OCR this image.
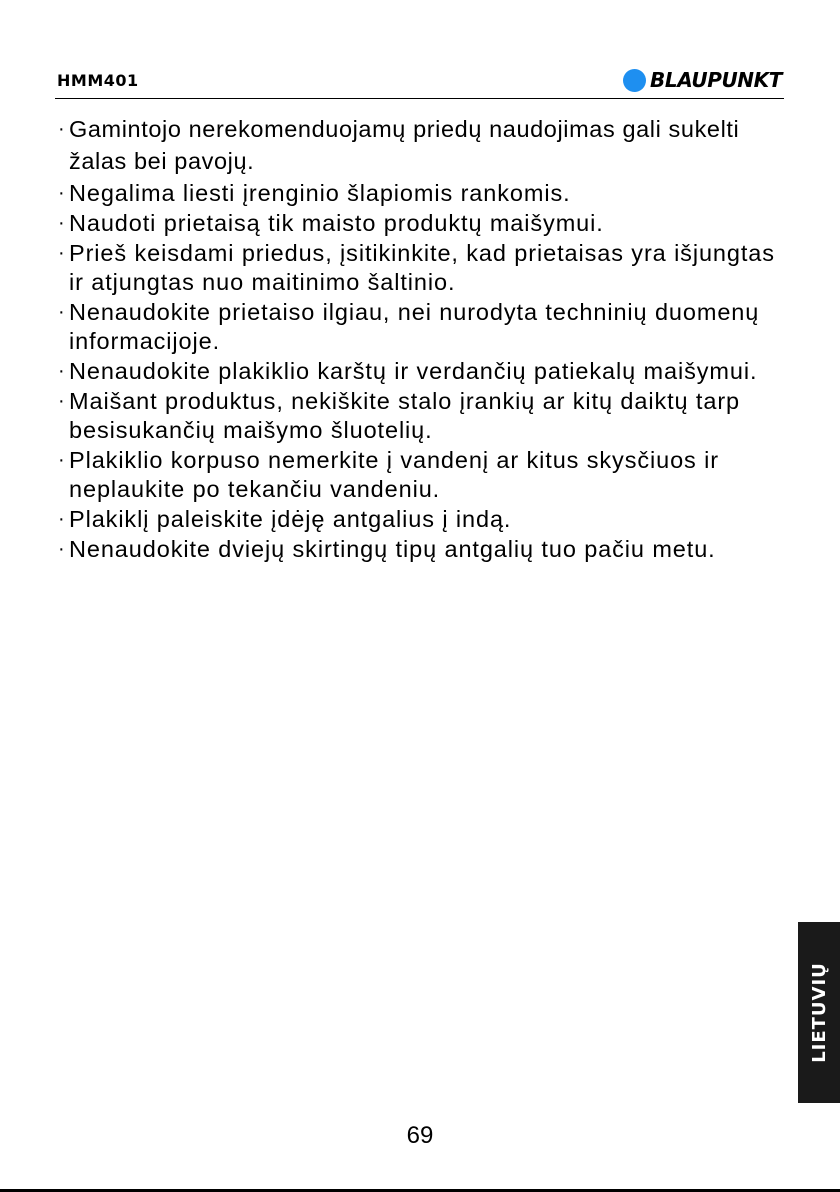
HMM401	BLAUPUNKT
· Gamintojo nerekomenduojamų priedų naudojimas gali sukelti žalas bei pavojų.
· Negalima liesti įrenginio šlapiomis rankomis.
· Naudoti prietaisą tik maisto produktų maišymui.
· Prieš keisdami priedus, įsitikinkite, kad prietaisas yra išjungtas ir atjungtas nuo maitinimo šaltinio.
· Nenaudokite prietaiso ilgiau, nei nurodyta techninių duomenų informacijoje.
· Nenaudokite plakiklio karštų ir verdančių patiekalų maišymui.
· Maišant produktus, nekiškite stalo įrankių ar kitų daiktų tarp besisukančių maišymo šluotelių.
· Plakiklio korpuso nemerkite į vandenį ar kitus skysčiuos ir neplaukite po tekančiu vandeniu.
· Plakiklį paleiskite įdėję antgalius į indą.
· Nenaudokite dviejų skirtingų tipų antgalių tuo pačiu metu.
LIETUVIŲ
69
